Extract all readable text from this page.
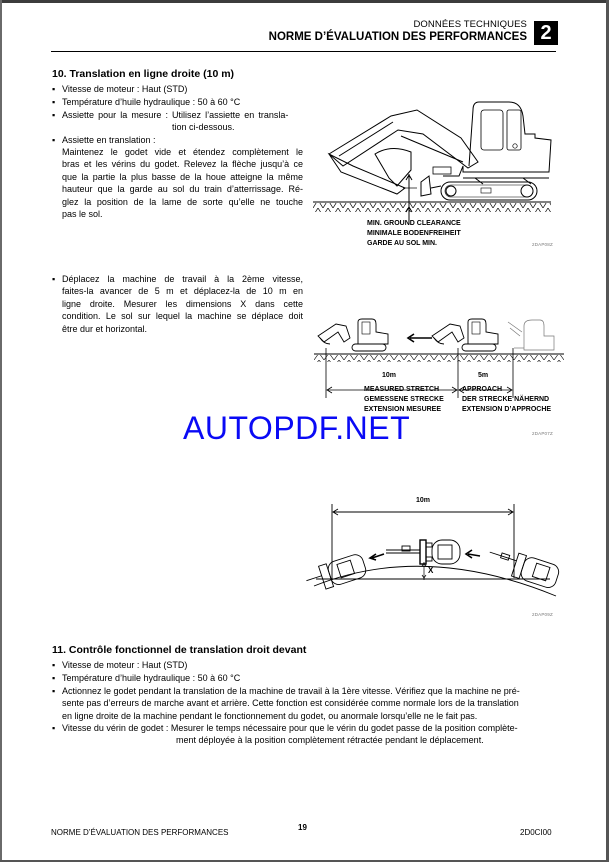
DONNÉES TECHNIQUES
NORME D’ÉVALUATION DES PERFORMANCES 2
10. Translation en ligne droite (10 m)
▪ Vitesse de moteur : Haut (STD)
▪ Température d’huile hydraulique : 50 à 60 °C
▪ Assiette pour la mesure : Utilisez l’assiette en transla-
tion ci-dessous.
▪ Assiette en translation :
Maintenez le godet vide et étendez complètement le
bras et les vérins du godet. Relevez la flèche jusqu’à ce
que la partie la plus basse de la houe atteigne la même
hauteur que la garde au sol du train d’atterrissage. Ré-
glez la position de la lame de sorte qu’elle ne touche
pas le sol.
▪ Déplacez la machine de travail à la 2ème vitesse,
faites-la avancer de 5 m et déplacez-la de 10 m en
ligne droite. Mesurer les dimensions X dans cette
condition. Le sol sur lequel la machine se déplace doit
être dur et horizontal.
MIN. GROUND CLEARANCE
MINIMALE BODENFREIHEIT
GARDE AU SOL MIN.	2DAP08Z
10m	5m
MEASURED STRETCH
GEMESSENE STRECKE
EXTENSION MESUREE
APPROACH
DER STRECKE NÄHERND
EXTENSION D’APPROCHE
2DAP07Z
AUTOPDF.NET
10m
X
2DAP09Z
11. Contrôle fonctionnel de translation droit devant
▪ Vitesse de moteur : Haut (STD)
▪ Température d’huile hydraulique : 50 à 60 °C
▪ Actionnez le godet pendant la translation de la machine de travail à la 1ère vitesse. Vérifiez que la machine ne pré-
sente pas d’erreurs de marche avant et arrière. Cette fonction est considérée comme normale lors de la translation
en ligne droite de la machine pendant le fonctionnement du godet, ou anormale lorsqu’elle ne le fait pas.
▪ Vitesse du vérin de godet : Mesurer le temps nécessaire pour que le vérin du godet passe de la position complète-
ment déployée à la position complètement rétractée pendant le déplacement.
NORME D’ÉVALUATION DES PERFORMANCES
19
2D0CI00
